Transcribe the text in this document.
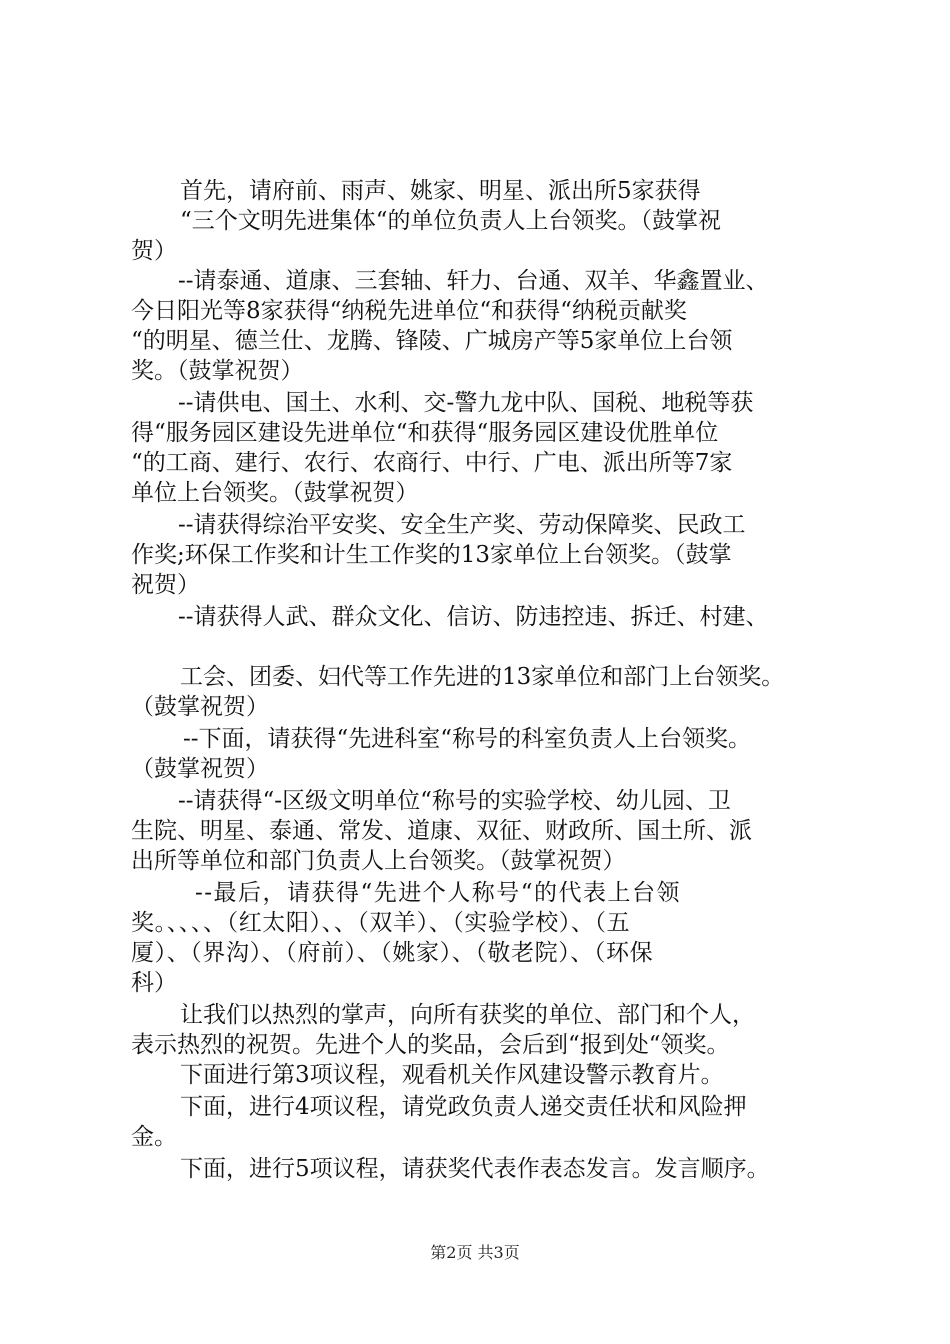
首先，请府前、雨声、姚家、明星、派出所5家获得
“三个文明先进集体“的单位负责人上台领奖。（鼓掌祝
贺）
--请泰通、道康、三套轴、轩力、台通、双羊、华鑫置业、
今日阳光等8家获得“纳税先进单位“和获得“纳税贡献奖
“的明星、德兰仕、龙腾、锋陵、广城房产等5家单位上台领
奖。（鼓掌祝贺）
--请供电、国土、水利、交-警九龙中队、国税、地税等获
得“服务园区建设先进单位“和获得“服务园区建设优胜单位
“的工商、建行、农行、农商行、中行、广电、派出所等7家
单位上台领奖。（鼓掌祝贺）
--请获得综治平安奖、安全生产奖、劳动保障奖、民政工
作奖;环保工作奖和计生工作奖的13家单位上台领奖。（鼓掌
祝贺）
--请获得人武、群众文化、信访、防违控违、拆迁、村建、
工会、团委、妇代等工作先进的13家单位和部门上台领奖。
（鼓掌祝贺）
--下面，请获得“先进科室“称号的科室负责人上台领奖。
（鼓掌祝贺）
--请获得“-区级文明单位“称号的实验学校、幼儿园、卫
生院、明星、泰通、常发、道康、双征、财政所、国土所、派
出所等单位和部门负责人上台领奖。（鼓掌祝贺）
--最后，请获得“先进个人称号“的代表上台领
奖。、、、、（红太阳）、、（双羊）、（实验学校）、（五
厦）、（界沟）、（府前）、（姚家）、（敬老院）、（环保
科）
让我们以热烈的掌声，向所有获奖的单位、部门和个人，
表示热烈的祝贺。先进个人的奖品，会后到“报到处“领奖。
下面进行第3项议程，观看机关作风建设警示教育片。
下面，进行4项议程，请党政负责人递交责任状和风险押
金。
下面，进行5项议程，请获奖代表作表态发言。发言顺序。
第2页 共3页
